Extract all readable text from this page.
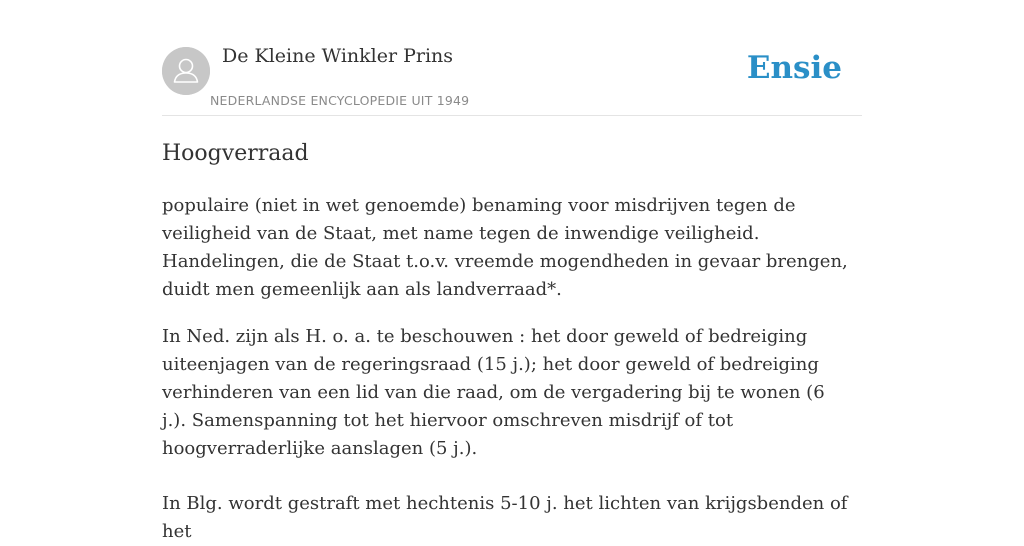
De Kleine Winkler Prins
NEDERLANDSE ENCYCLOPEDIE UIT 1949
Ensie
Hoogverraad

populaire (niet in wet genoemde) benaming voor misdrijven tegen de veiligheid van de Staat, met name tegen de inwendige veiligheid. Handelingen, die de Staat t.o.v. vreemde mogendheden in gevaar brengen, duidt men gemeenlijk aan als landverraad*.

In Ned. zijn als H. o. a. te beschouwen : het door geweld of bedreiging uiteenjagen van de regeringsraad (15 j.); het door geweld of bedreiging verhinderen van een lid van die raad, om de vergadering bij te wonen (6 j.). Samenspanning tot het hiervoor omschreven misdrijf of tot hoogverraderlijke aanslagen (5 j.).

In Blg. wordt gestraft met hechtenis 5-10 j. het lichten van krijgsbenden of het
